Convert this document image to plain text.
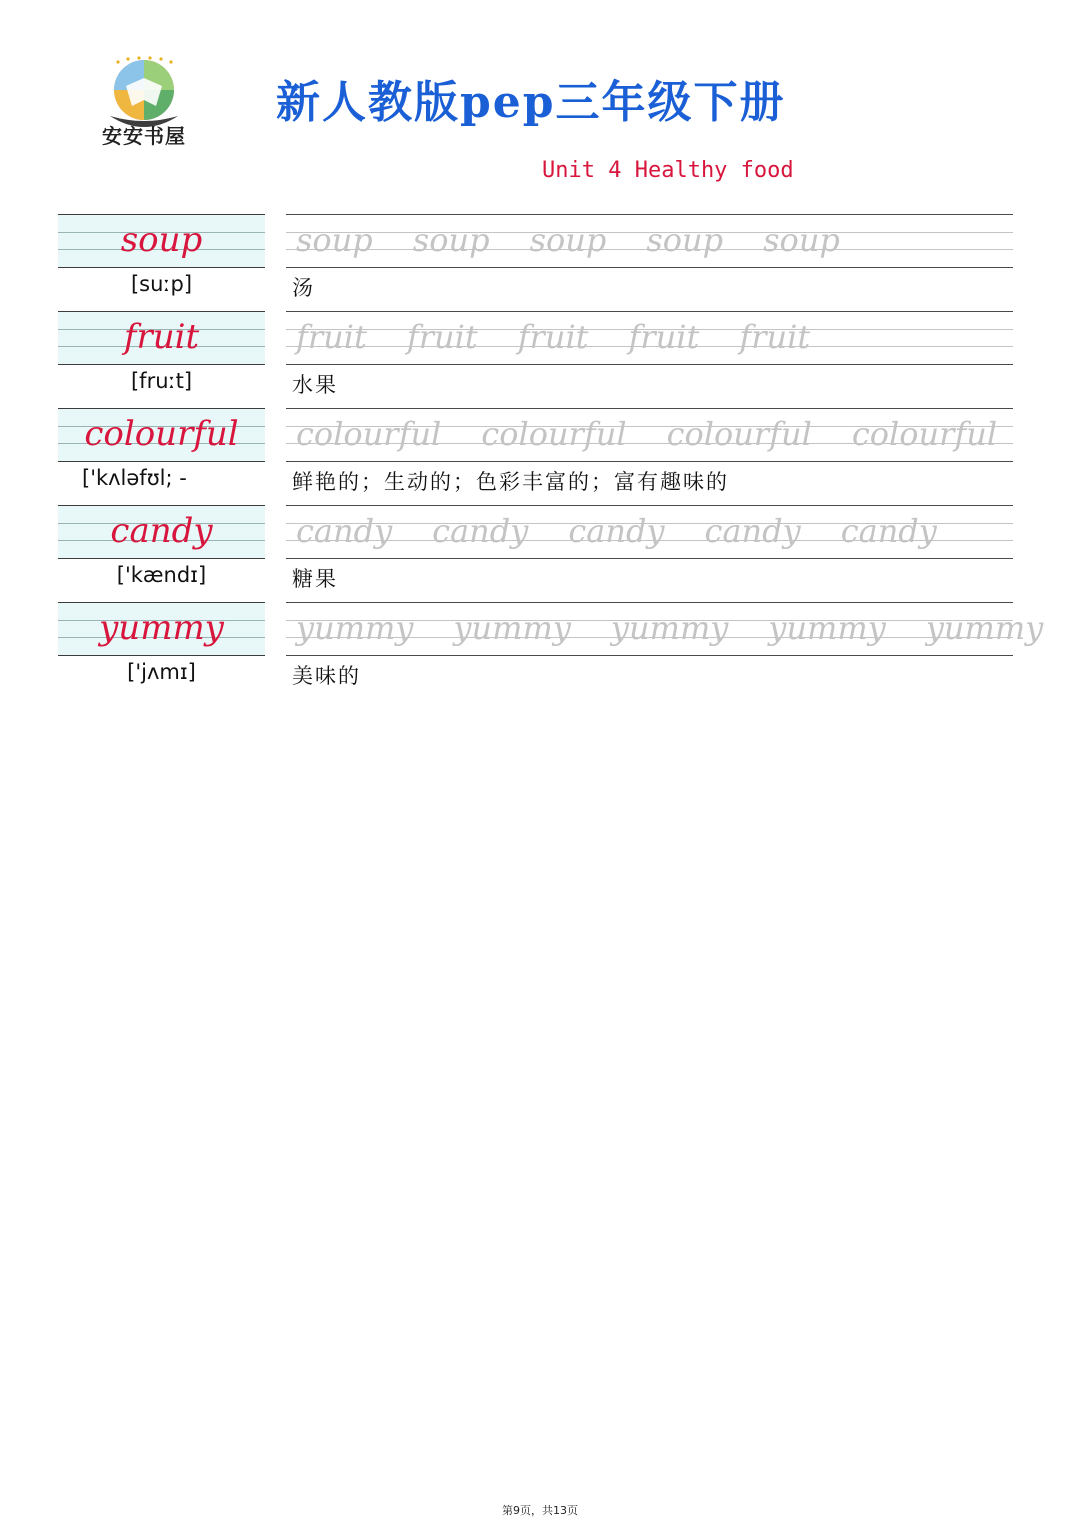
安安书屋
新人教版pep三年级下册
Unit 4 Healthy food
soup	soup soup soup soup soup
[suːp]	汤
fruit	fruit fruit fruit fruit fruit
[fruːt]	水果
colourful	colourful colourful colourful colourful
['kʌləfʊl; -	鲜艳的；生动的；色彩丰富的；富有趣味的
candy	candy candy candy candy candy
['kændɪ]	糖果
yummy	yummy yummy yummy yummy yummy
['jʌmɪ]	美味的
第9页，共13页
